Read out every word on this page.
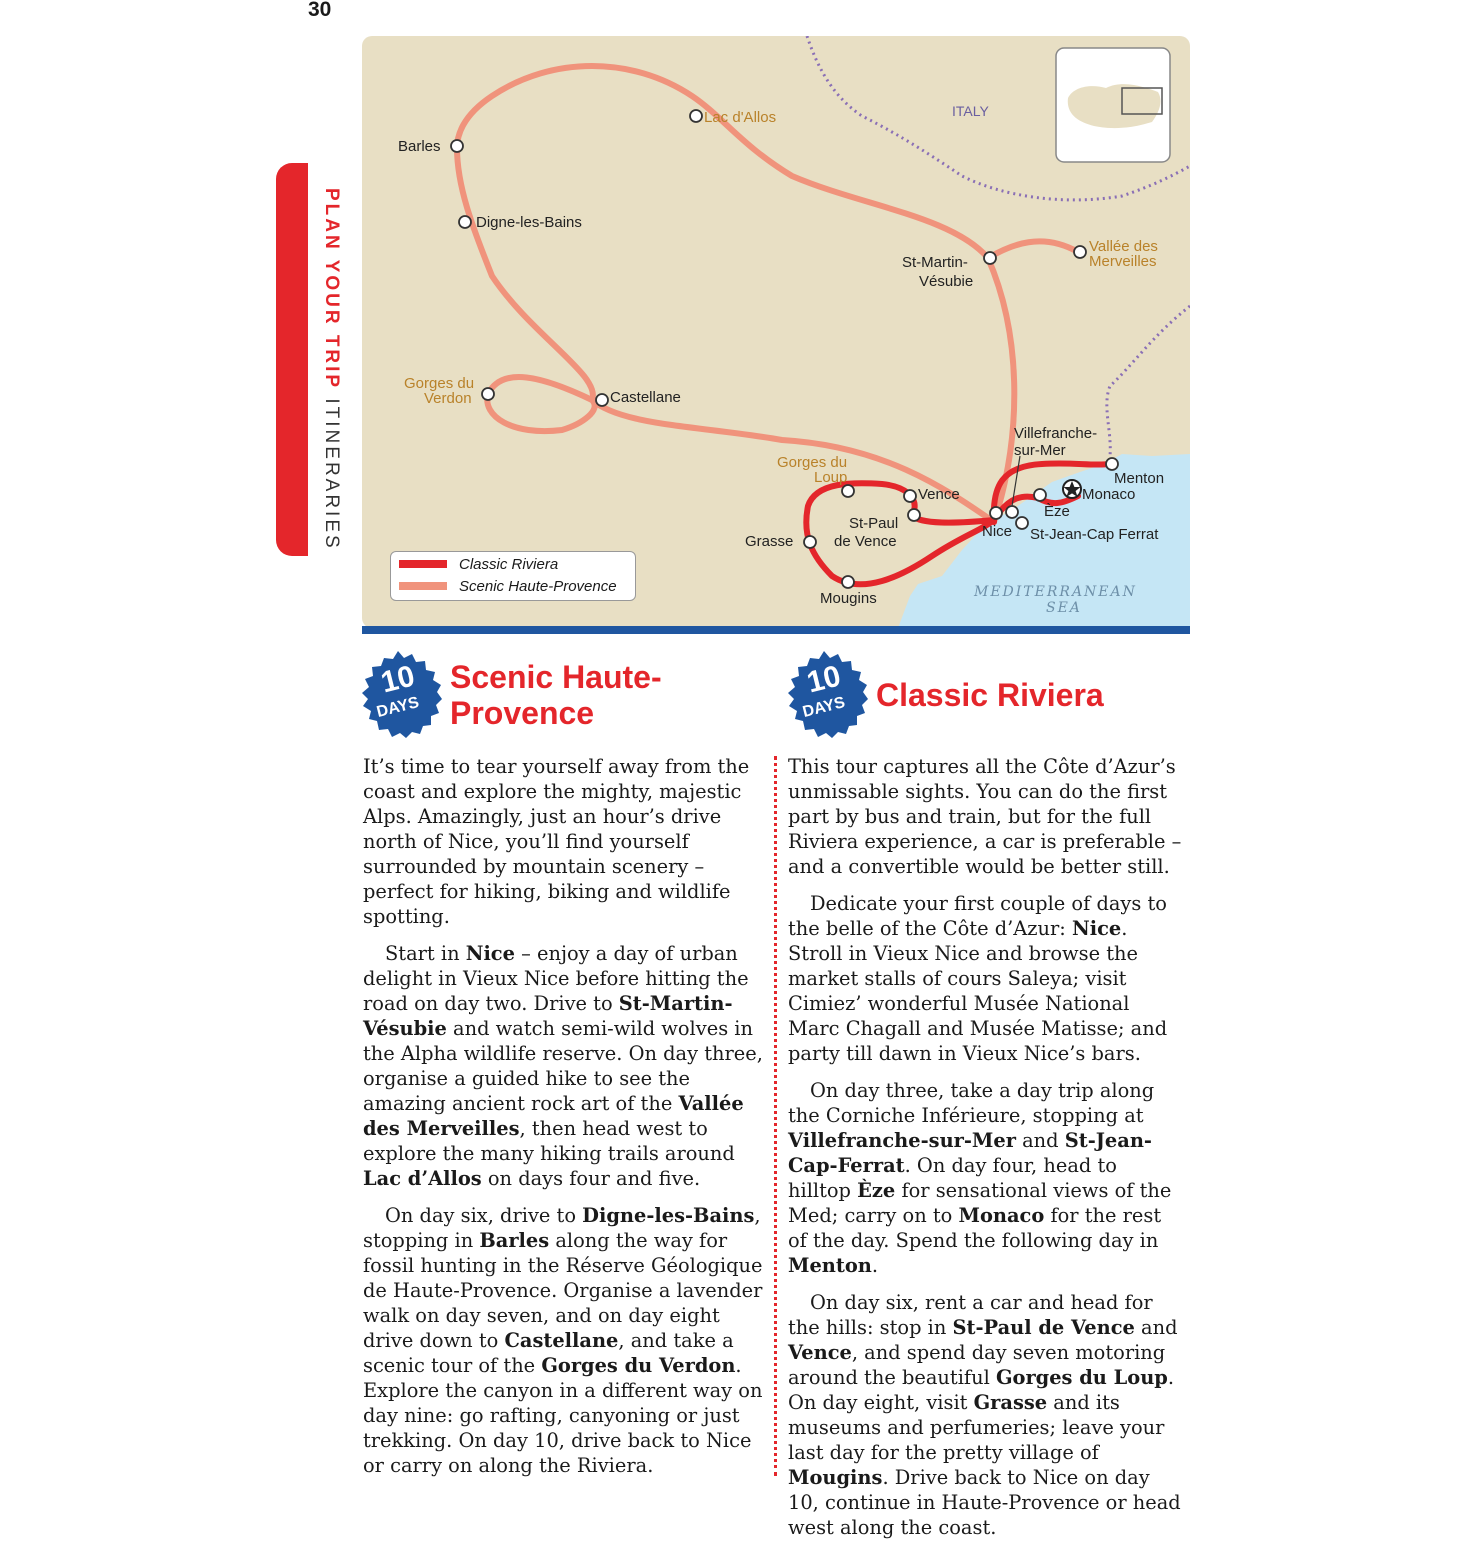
30
PLAN YOUR TRIP ITINERARIES
ITALY
Lac d'Allos
Barles
Digne-les-Bains
St-Martin-
Vésubie
Vallée des
Merveilles
Gorges du
Verdon	Castellane
Villefranche-
sur-Mer
Gorges du
Loup
Vence
St-Paul
de Vence
Grasse
Nice
Menton
Monaco
Èze
St-Jean-Cap Ferrat
Mougins	MEDITERRANEAN
SEA
Classic Riviera
Scenic Haute-Provence
10
DAYS
Scenic Haute-
Provence
10
DAYS Classic Riviera

It’s time to tear yourself away from the coast and explore the mighty, majestic Alps. Amazingly, just an hour’s drive north of Nice, you’ll find yourself surrounded by mountain scenery – perfect for hiking, biking and wildlife spotting.

Start in Nice – enjoy a day of urban delight in Vieux Nice before hitting the road on day two. Drive to St-Martin-Vésubie and watch semi-wild wolves in the Alpha wildlife reserve. On day three, organise a guided hike to see the amazing ancient rock art of the Vallée des Merveilles, then head west to explore the many hiking trails around Lac d’Allos on days four and five.

On day six, drive to Digne-les-Bains, stopping in Barles along the way for fossil hunting in the Réserve Géologique de Haute-Provence. Organise a lavender walk on day seven, and on day eight drive down to Castellane, and take a scenic tour of the Gorges du Verdon. Explore the canyon in a different way on day nine: go rafting, canyoning or just trekking. On day 10, drive back to Nice or carry on along the Riviera.

This tour captures all the Côte d’Azur’s unmissable sights. You can do the first part by bus and train, but for the full Riviera experience, a car is preferable – and a convertible would be better still.

Dedicate your first couple of days to the belle of the Côte d’Azur: Nice. Stroll in Vieux Nice and browse the market stalls of cours Saleya; visit Cimiez’ wonderful Musée National Marc Chagall and Musée Matisse; and party till dawn in Vieux Nice’s bars.

On day three, take a day trip along the Corniche Inférieure, stopping at Villefranche-sur-Mer and St-Jean-Cap-Ferrat. On day four, head to hilltop Èze for sensational views of the Med; carry on to Monaco for the rest of the day. Spend the following day in Menton.

On day six, rent a car and head for the hills: stop in St-Paul de Vence and Vence, and spend day seven motoring around the beautiful Gorges du Loup. On day eight, visit Grasse and its museums and perfumeries; leave your last day for the pretty village of Mougins. Drive back to Nice on day 10, continue in Haute-Provence or head west along the coast.
